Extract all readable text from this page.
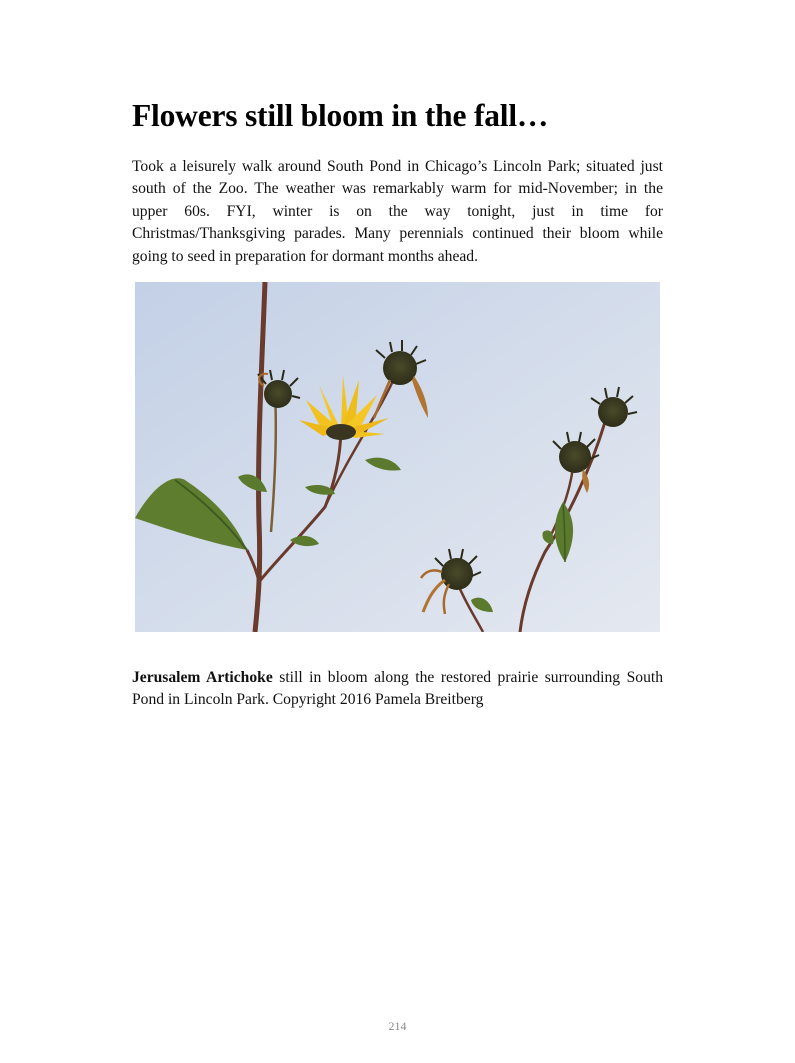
Flowers still bloom in the fall…

Took a leisurely walk around South Pond in Chicago’s Lincoln Park; situated just south of the Zoo. The weather was remarkably warm for mid-November; in the upper 60s. FYI, winter is on the way tonight, just in time for Christmas/Thanksgiving parades. Many perennials continued their bloom while going to seed in preparation for dormant months ahead.

Jerusalem Artichoke still in bloom along the restored prairie surrounding South Pond in Lincoln Park. Copyright 2016 Pamela Breitberg

214
